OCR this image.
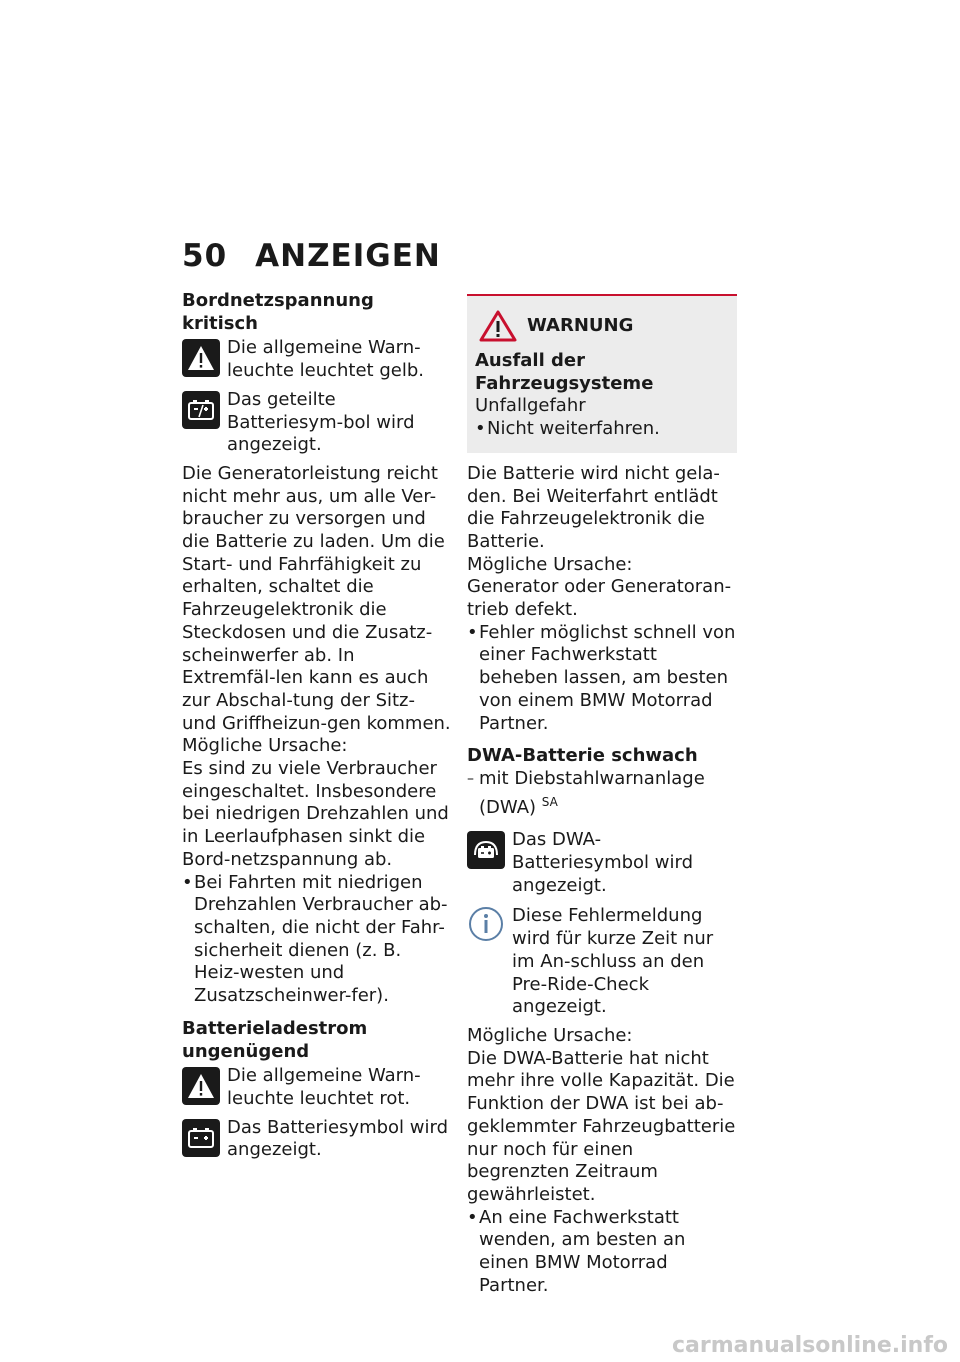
50 ANZEIGEN
Bordnetzspannung kritisch

Die allgemeine Warn-leuchte leuchtet gelb.

Das geteilte Batteriesym-bol wird angezeigt.

Die Generatorleistung reicht nicht mehr aus, um alle Ver-braucher zu versorgen und die Batterie zu laden. Um die Start- und Fahrfähigkeit zu erhalten, schaltet die Fahrzeugelektronik die Steckdosen und die Zusatz-scheinwerfer ab. In Extremfäl-len kann es auch zur Abschal-tung der Sitz- und Griffheizun-gen kommen.

Mögliche Ursache:

Es sind zu viele Verbraucher eingeschaltet. Insbesondere bei niedrigen Drehzahlen und in Leerlaufphasen sinkt die Bord-netzspannung ab.

• Bei Fahrten mit niedrigen Drehzahlen Verbraucher ab-schalten, die nicht der Fahr-sicherheit dienen (z. B. Heiz-westen und Zusatzscheinwer-fer).
Batterieladestrom ungenügend

Die allgemeine Warn-leuchte leuchtet rot.

Das Batteriesymbol wird angezeigt.

WARNUNG
Ausfall der Fahrzeugsysteme

Unfallgefahr

• Nicht weiterfahren.

Die Batterie wird nicht gela-den. Bei Weiterfahrt entlädt die Fahrzeugelektronik die Batterie.

Mögliche Ursache:

Generator oder Generatoran-trieb defekt.

• Fehler möglichst schnell von einer Fachwerkstatt beheben lassen, am besten von einem BMW Motorrad Partner.
DWA-Batterie schwach
– mit Diebstahlwarnanlage (DWA) $^{SA}$

Das DWA-Batteriesymbol wird angezeigt.

Diese Fehlermeldung wird für kurze Zeit nur im An-schluss an den Pre-Ride-Check angezeigt.

Mögliche Ursache:

Die DWA-Batterie hat nicht mehr ihre volle Kapazität. Die Funktion der DWA ist bei ab-geklemmter Fahrzeugbatterie nur noch für einen begrenzten Zeitraum gewährleistet.

• An eine Fachwerkstatt wenden, am besten an einen BMW Motorrad Partner.
carmanualsonline.info
